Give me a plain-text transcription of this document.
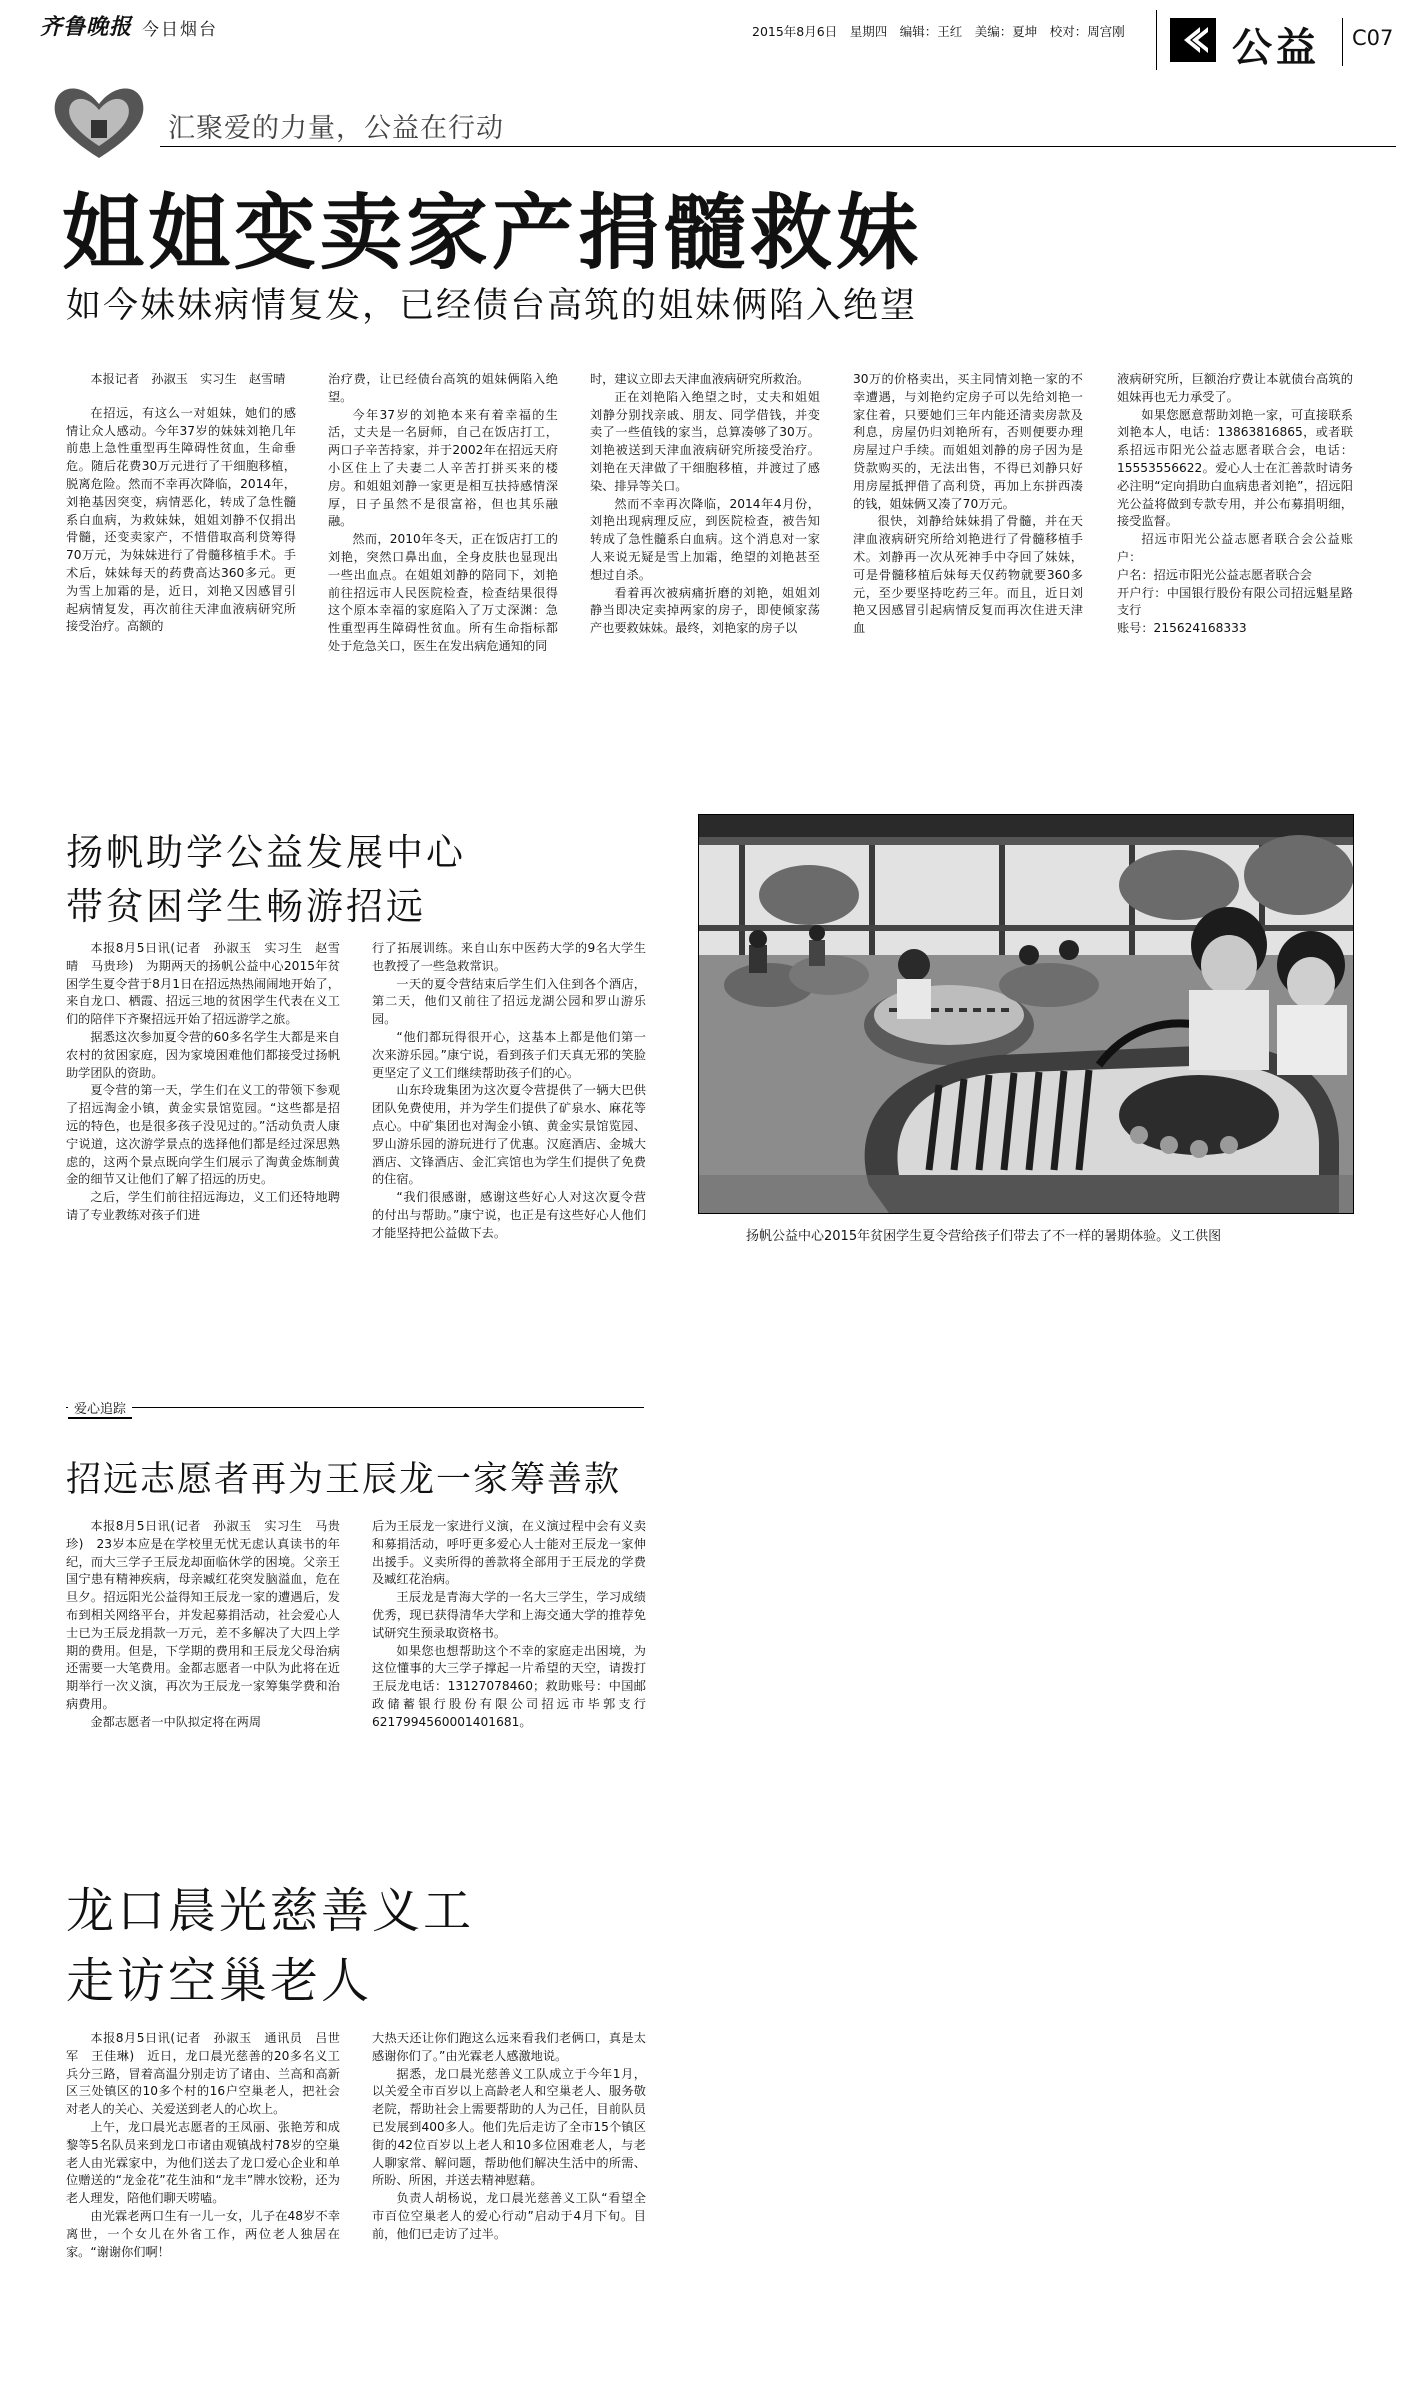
齐鲁晚报 今日烟台	2015年8月6日　星期四　编辑：王红　美编：夏坤　校对：周宫刚	公益 C07
汇聚爱的力量，公益在行动
姐姐变卖家产捐髓救妹
如今妹妹病情复发，已经债台高筑的姐妹俩陷入绝望

本报记者　孙淑玉　实习生　赵雪晴

在招远，有这么一对姐妹，她们的感情让众人感动。今年37岁的妹妹刘艳几年前患上急性重型再生障碍性贫血，生命垂危。随后花费30万元进行了干细胞移植，脱离危险。然而不幸再次降临，2014年，刘艳基因突变，病情恶化，转成了急性髓系白血病，为救妹妹，姐姐刘静不仅捐出骨髓，还变卖家产，不惜借取高利贷筹得70万元，为妹妹进行了骨髓移植手术。手术后，妹妹每天的药费高达360多元。更为雪上加霜的是，近日，刘艳又因感冒引起病情复发，再次前往天津血液病研究所接受治疗。高额的

治疗费，让已经债台高筑的姐妹俩陷入绝望。

今年37岁的刘艳本来有着幸福的生活，丈夫是一名厨师，自己在饭店打工，两口子辛苦持家，并于2002年在招远天府小区住上了夫妻二人辛苦打拼买来的楼房。和姐姐刘静一家更是相互扶持感情深厚，日子虽然不是很富裕，但也其乐融融。

然而，2010年冬天，正在饭店打工的刘艳，突然口鼻出血，全身皮肤也显现出一些出血点。在姐姐刘静的陪同下，刘艳前往招远市人民医院检查，检查结果很得这个原本幸福的家庭陷入了万丈深渊：急性重型再生障碍性贫血。所有生命指标都处于危急关口，医生在发出病危通知的同

时，建议立即去天津血液病研究所救治。

正在刘艳陷入绝望之时，丈夫和姐姐刘静分别找亲戚、朋友、同学借钱，并变卖了一些值钱的家当，总算凑够了30万。刘艳被送到天津血液病研究所接受治疗。刘艳在天津做了干细胞移植，并渡过了感染、排异等关口。

然而不幸再次降临，2014年4月份，刘艳出现病理反应，到医院检查，被告知转成了急性髓系白血病。这个消息对一家人来说无疑是雪上加霜，绝望的刘艳甚至想过自杀。

看着再次被病痛折磨的刘艳，姐姐刘静当即决定卖掉两家的房子，即使倾家荡产也要救妹妹。最终，刘艳家的房子以

30万的价格卖出，买主同情刘艳一家的不幸遭遇，与刘艳约定房子可以先给刘艳一家住着，只要她们三年内能还清卖房款及利息，房屋仍归刘艳所有，否则便要办理房屋过户手续。而姐姐刘静的房子因为是贷款购买的，无法出售，不得已刘静只好用房屋抵押借了高利贷，再加上东拼西凑的钱，姐妹俩又凑了70万元。

很快，刘静给妹妹捐了骨髓，并在天津血液病研究所给刘艳进行了骨髓移植手术。刘静再一次从死神手中夺回了妹妹，可是骨髓移植后妹每天仅药物就要360多元，至少要坚持吃药三年。而且，近日刘艳又因感冒引起病情反复而再次住进天津血

液病研究所，巨额治疗费让本就债台高筑的姐妹再也无力承受了。

如果您愿意帮助刘艳一家，可直接联系刘艳本人，电话：13863816865，或者联系招远市阳光公益志愿者联合会，电话：15553556622。爱心人士在汇善款时请务必注明“定向捐助白血病患者刘艳”，招远阳光公益将做到专款专用，并公布募捐明细，接受监督。

招远市阳光公益志愿者联合会公益账户：

户名：招远市阳光公益志愿者联合会

开户行：中国银行股份有限公司招远魁星路支行

账号：215624168333

扬帆助学公益发展中心
带贫困学生畅游招远

本报8月5日讯(记者　孙淑玉　实习生　赵雪晴　马贵珍)　为期两天的扬帆公益中心2015年贫困学生夏令营于8月1日在招远热热闹闹地开始了，来自龙口、栖霞、招远三地的贫困学生代表在义工们的陪伴下齐聚招远开始了招远游学之旅。

据悉这次参加夏令营的60多名学生大都是来自农村的贫困家庭，因为家境困难他们都接受过扬帆助学团队的资助。

夏令营的第一天，学生们在义工的带领下参观了招远淘金小镇，黄金实景馆览园。“这些都是招远的特色，也是很多孩子没见过的。”活动负责人康宁说道，这次游学景点的选择他们都是经过深思熟虑的，这两个景点既向学生们展示了淘黄金炼制黄金的细节又让他们了解了招远的历史。

之后，学生们前往招远海边，义工们还特地聘请了专业教练对孩子们进

行了拓展训练。来自山东中医药大学的9名大学生也教授了一些急救常识。

一天的夏令营结束后学生们入住到各个酒店，第二天，他们又前往了招远龙湖公园和罗山游乐园。

“他们都玩得很开心，这基本上都是他们第一次来游乐园。”康宁说，看到孩子们天真无邪的笑脸更坚定了义工们继续帮助孩子们的心。

山东玲珑集团为这次夏令营提供了一辆大巴供团队免费使用，并为学生们提供了矿泉水、麻花等点心。中矿集团也对淘金小镇、黄金实景馆览园、罗山游乐园的游玩进行了优惠。汉庭酒店、金城大酒店、文锋酒店、金汇宾馆也为学生们提供了免费的住宿。

“我们很感谢，感谢这些好心人对这次夏令营的付出与帮助。”康宁说，也正是有这些好心人他们才能坚持把公益做下去。	扬帆公益中心2015年贫困学生夏令营给孩子们带去了不一样的暑期体验。义工供图
爱心追踪
招远志愿者再为王辰龙一家筹善款

本报8月5日讯(记者　孙淑玉　实习生　马贵珍)　23岁本应是在学校里无忧无虑认真读书的年纪，而大三学子王辰龙却面临休学的困境。父亲王国宁患有精神疾病，母亲臧红花突发脑溢血，危在旦夕。招远阳光公益得知王辰龙一家的遭遇后，发布到相关网络平台，并发起募捐活动，社会爱心人士已为王辰龙捐款一万元，差不多解决了大四上学期的费用。但是，下学期的费用和王辰龙父母治病还需要一大笔费用。金都志愿者一中队为此将在近期举行一次义演，再次为王辰龙一家筹集学费和治病费用。

金都志愿者一中队拟定将在两周

后为王辰龙一家进行义演，在义演过程中会有义卖和募捐活动，呼吁更多爱心人士能对王辰龙一家伸出援手。义卖所得的善款将全部用于王辰龙的学费及臧红花治病。

王辰龙是青海大学的一名大三学生，学习成绩优秀，现已获得清华大学和上海交通大学的推荐免试研究生预录取资格书。

如果您也想帮助这个不幸的家庭走出困境，为这位懂事的大三学子撑起一片希望的天空，请拨打王辰龙电话：13127078460；救助账号：中国邮政储蓄银行股份有限公司招远市毕郭支行6217994560001401681。

龙口晨光慈善义工
走访空巢老人

本报8月5日讯(记者　孙淑玉　通讯员　吕世军　王佳琳)　近日，龙口晨光慈善的20多名义工兵分三路，冒着高温分别走访了诸由、兰高和高新区三处镇区的10多个村的16户空巢老人，把社会对老人的关心、关爱送到老人的心坎上。

上午，龙口晨光志愿者的王凤丽、张艳芳和成黎等5名队员来到龙口市诸由观镇战村78岁的空巢老人由光霖家中，为他们送去了龙口爱心企业和单位赠送的“龙金花”花生油和“龙丰”牌水饺粉，还为老人理发，陪他们聊天唠嗑。

由光霖老两口生有一儿一女，儿子在48岁不幸离世，一个女儿在外省工作，两位老人独居在家。“谢谢你们啊！

大热天还让你们跑这么远来看我们老俩口，真是太感谢你们了。”由光霖老人感激地说。

据悉，龙口晨光慈善义工队成立于今年1月，以关爱全市百岁以上高龄老人和空巢老人、服务敬老院，帮助社会上需要帮助的人为己任，目前队员已发展到400多人。他们先后走访了全市15个镇区街的42位百岁以上老人和10多位困难老人，与老人聊家常、解问题，帮助他们解决生活中的所需、所盼、所困，并送去精神慰藉。

负责人胡杨说，龙口晨光慈善义工队“看望全市百位空巢老人的爱心行动”启动于4月下旬。目前，他们已走访了过半。
